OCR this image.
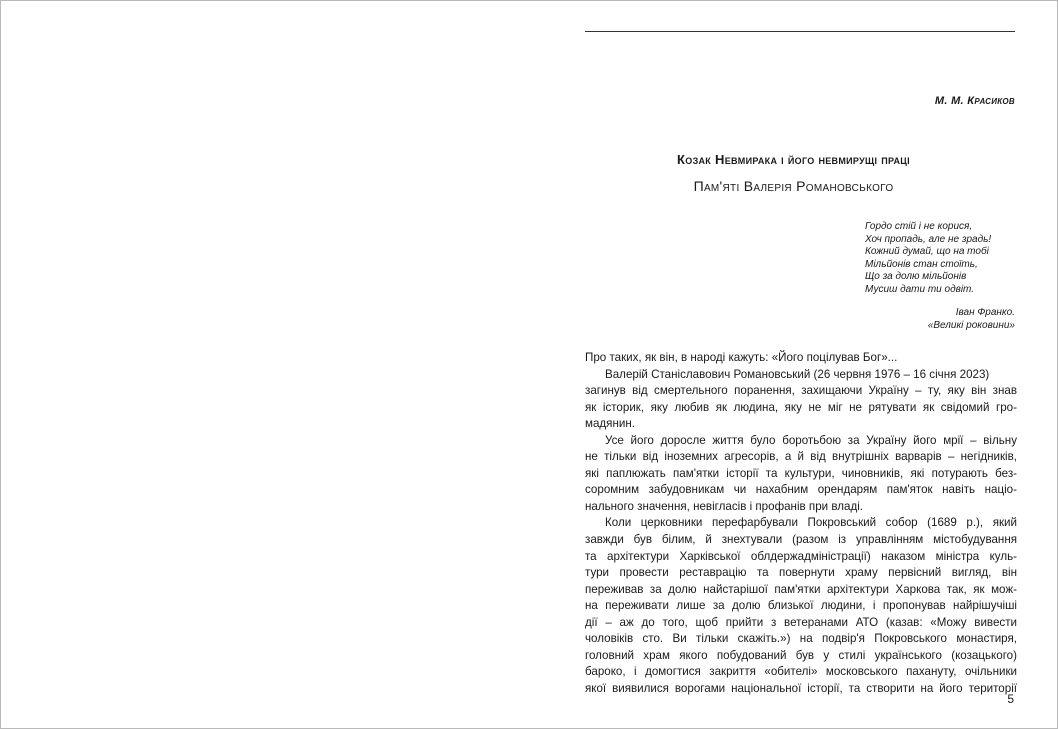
М. М. Красиков
Козак Невмирака і його невмирущі праці
Пам'яті Валерія Романовського
Гордо стій і не корися,
Хоч пропадь, але не зрадь!
Кожний думай, що на тобі
Мільйонів стан стоїть,
Що за долю мільйонів
Мусиш дати ти одвіт.
Іван Франко.
«Великі роковини»
Про таких, як він, в народі кажуть: «Його поцілував Бог»...
Валерій Станіславович Романовський (26 червня 1976 – 16 січня 2023)
загинув від смертельного поранення, захищаючи Україну – ту, яку він знав
як історик, яку любив як людина, яку не міг не рятувати як свідомий гро-
мадянин.
Усе його доросле життя було боротьбою за Україну його мрії – вільну
не тільки від іноземних агресорів, а й від внутрішніх варварів – негідників,
які паплюжать пам'ятки історії та культури, чиновників, які потурають без-
соромним забудовникам чи нахабним орендарям пам'яток навіть націо-
нального значення, невігласів і профанів при владі.
Коли церковники перефарбували Покровський собор (1689 р.), який
завжди був білим, й знехтували (разом із управлінням містобудування
та архітектури Харківської облдержадміністрації) наказом міністра куль-
тури провести реставрацію та повернути храму первісний вигляд, він
переживав за долю найстарішої пам'ятки архітектури Харкова так, як мож-
на переживати лише за долю близької людини, і пропонував найрішучіші
дії – аж до того, щоб прийти з ветеранами АТО (казав: «Можу вивести
чоловіків сто. Ви тільки скажіть.») на подвір'я Покровського монастиря,
головний храм якого побудований був у стилі українського (козацького)
бароко, і домогтися закриття «обителі» московського пахануту, очільники
якої виявилися ворогами національної історії, та створити на його території
5
